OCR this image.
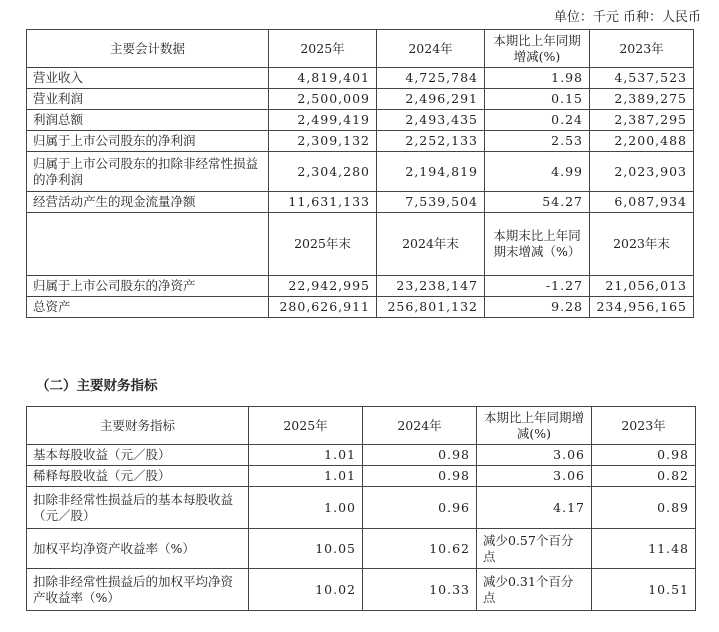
单位：千元 币种：人民币
主要会计数据	2025年	2024年	本期比上年同期增减(%)	2023年
营业收入	4,819,401	4,725,784	1.98	4,537,523
营业利润	2,500,009	2,496,291	0.15	2,389,275
利润总额	2,499,419	2,493,435	0.24	2,387,295
归属于上市公司股东的净利润	2,309,132	2,252,133	2.53	2,200,488
归属于上市公司股东的扣除非经常性损益的净利润	2,304,280	2,194,819	4.99	2,023,903
经营活动产生的现金流量净额	11,631,133	7,539,504	54.27	6,087,934
	2025年末	2024年末	本期末比上年同期末增减（%）	2023年末
归属于上市公司股东的净资产	22,942,995	23,238,147	-1.27	21,056,013
总资产	280,626,911	256,801,132	9.28	234,956,165
（二）主要财务指标
主要财务指标	2025年	2024年	本期比上年同期增减(%)	2023年
基本每股收益（元／股）	1.01	0.98	3.06	0.98
稀释每股收益（元／股）	1.01	0.98	3.06	0.82
扣除非经常性损益后的基本每股收益（元／股）	1.00	0.96	4.17	0.89
加权平均净资产收益率（%）	10.05	10.62	减少0.57个百分点	11.48
扣除非经常性损益后的加权平均净资产收益率（%）	10.02	10.33	减少0.31个百分点	10.51
